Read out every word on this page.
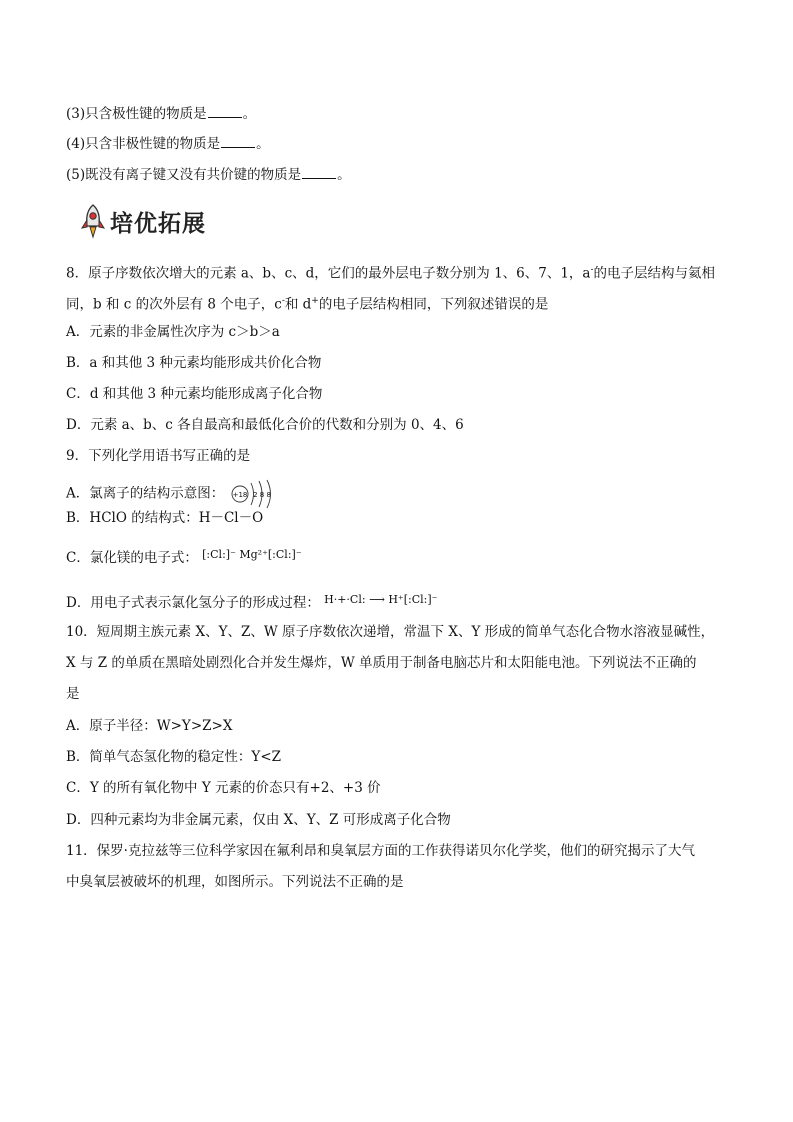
(3)只含极性键的物质是	。
(4)只含非极性键的物质是	。
(5)既没有离子键又没有共价键的物质是	。
培优拓展
8．原子序数依次增大的元素 a、b、c、d，它们的最外层电子数分别为 1、6、7、1，a-的电子层结构与氦相
同，b 和 c 的次外层有 8 个电子，c-和 d+的电子层结构相同，下列叙述错误的是
A．元素的非金属性次序为 c＞b＞a
B．a 和其他 3 种元素均能形成共价化合物
C．d 和其他 3 种元素均能形成离子化合物
D．元素 a、b、c 各自最高和最低化合价的代数和分别为 0、4、6
9．下列化学用语书写正确的是
A．氯离子的结构示意图： +18 2 8 8
B．HClO 的结构式：H－Cl－O
C．氯化镁的电子式： $^{[:Cl:]^- Mg^{2+}[:Cl:]^-}$
D．用电子式表示氯化氢分子的形成过程： $^{H\cdot+\cdot Cl: ⟶ H^+[:Cl:]^-}$
10．短周期主族元素 X、Y、Z、W 原子序数依次递增，常温下 X、Y 形成的简单气态化合物水溶液显碱性，
X 与 Z 的单质在黑暗处剧烈化合并发生爆炸，W 单质用于制备电脑芯片和太阳能电池。下列说法不正确的
是
A．原子半径：W>Y>Z>X
B．简单气态氢化物的稳定性：Y<Z
C．Y 的所有氧化物中 Y 元素的价态只有+2、+3 价
D．四种元素均为非金属元素，仅由 X、Y、Z 可形成离子化合物
11．保罗·克拉兹等三位科学家因在氟利昂和臭氧层方面的工作获得诺贝尔化学奖，他们的研究揭示了大气
中臭氧层被破坏的机理，如图所示。下列说法不正确的是
